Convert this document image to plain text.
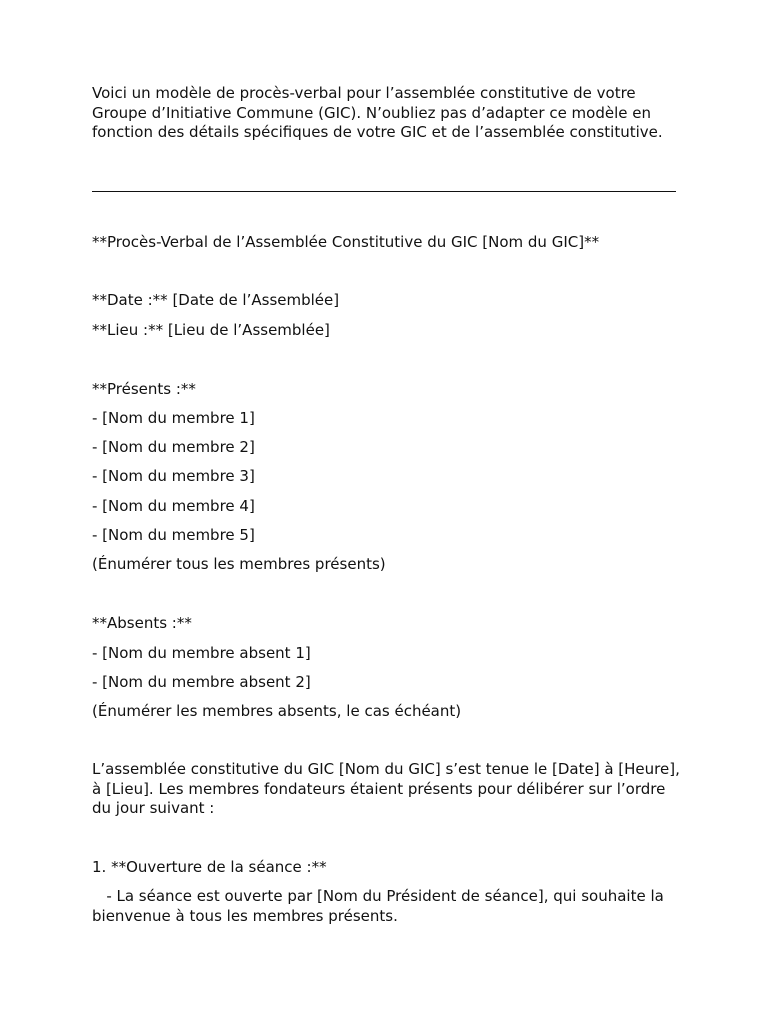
Voici un modèle de procès-verbal pour l’assemblée constitutive de votre Groupe d’Initiative Commune (GIC). N’oubliez pas d’adapter ce modèle en fonction des détails spécifiques de votre GIC et de l’assemblée constitutive.

**Procès-Verbal de l’Assemblée Constitutive du GIC [Nom du GIC]**

**Date :** [Date de l’Assemblée]

**Lieu :** [Lieu de l’Assemblée]

**Présents :**

- [Nom du membre 1]

- [Nom du membre 2]

- [Nom du membre 3]

- [Nom du membre 4]

- [Nom du membre 5]

(Énumérer tous les membres présents)

**Absents :**

- [Nom du membre absent 1]

- [Nom du membre absent 2]

(Énumérer les membres absents, le cas échéant)

L’assemblée constitutive du GIC [Nom du GIC] s’est tenue le [Date] à [Heure], à [Lieu]. Les membres fondateurs étaient présents pour délibérer sur l’ordre du jour suivant :

1. **Ouverture de la séance :**

- La séance est ouverte par [Nom du Président de séance], qui souhaite la bienvenue à tous les membres présents.
